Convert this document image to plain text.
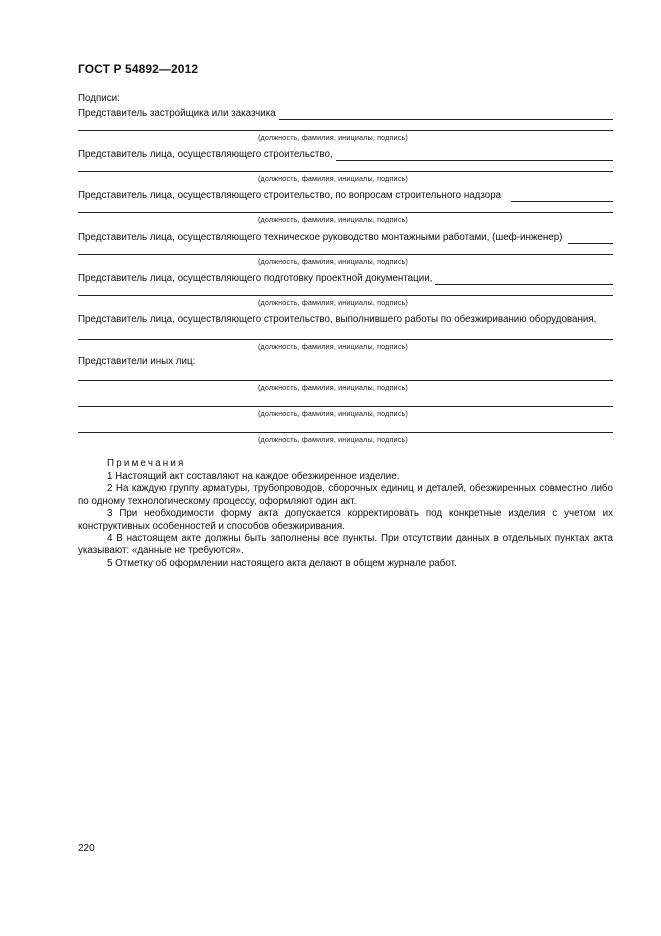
ГОСТ Р 54892—2012
Подписи:
Представитель застройщика или заказчика
(должность, фамилия, инициалы, подпись)
Представитель лица, осуществляющего строительство,
(должность, фамилия, инициалы, подпись)
Представитель лица, осуществляющего строительство, по вопросам строительного надзора
(должность, фамилия, инициалы, подпись)
Представитель лица, осуществляющего техническое руководство монтажными работами, (шеф-инженер)
(должность, фамилия, инициалы, подпись)
Представитель лица, осуществляющего подготовку проектной документации,
(должность, фамилия, инициалы, подпись)
Представитель лица, осуществляющего строительство, выполнившего работы по обезжириванию оборудования,
(должность, фамилия, инициалы, подпись)
Представители иных лиц:
(должность, фамилия, инициалы, подпись)
(должность, фамилия, инициалы, подпись)
(должность, фамилия, инициалы, подпись)
Примечания

1 Настоящий акт составляют на каждое обезжиренное изделие.

2 На каждую группу арматуры, трубопроводов, сборочных единиц и деталей, обезжиренных совместно либо по одному технологическому процессу, оформляют один акт.

3 При необходимости форму акта допускается корректировать под конкретные изделия с учетом их конструктивных особенностей и способов обезжиривания.

4 В настоящем акте должны быть заполнены все пункты. При отсутствии данных в отдельных пунктах акта указывают: «данные не требуются».

5 Отметку об оформлении настоящего акта делают в общем журнале работ.

220
